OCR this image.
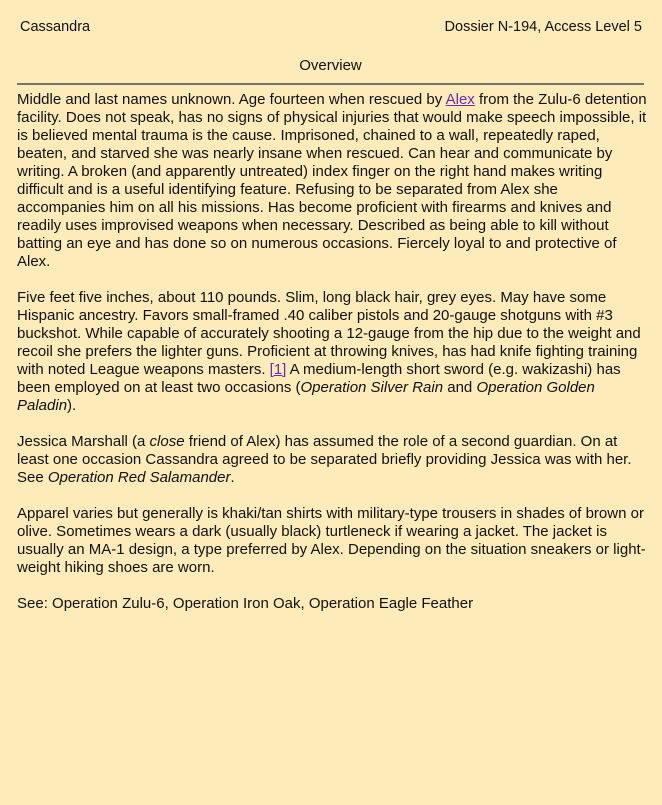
Cassandra	Dossier N-194, Access Level 5
Overview

Middle and last names unknown. Age fourteen when rescued by Alex from the Zulu-6 detention facility. Does not speak, has no signs of physical injuries that would make speech impossible, it is believed mental trauma is the cause. Imprisoned, chained to a wall, repeatedly raped, beaten, and starved she was nearly insane when rescued. Can hear and communicate by writing. A broken (and apparently untreated) index finger on the right hand makes writing difficult and is a useful identifying feature. Refusing to be separated from Alex she accompanies him on all his missions. Has become proficient with firearms and knives and readily uses improvised weapons when necessary. Described as being able to kill without batting an eye and has done so on numerous occasions. Fiercely loyal to and protective of Alex.

Five feet five inches, about 110 pounds. Slim, long black hair, grey eyes. May have some Hispanic ancestry. Favors small-framed .40 caliber pistols and 20-gauge shotguns with #3 buckshot. While capable of accurately shooting a 12-gauge from the hip due to the weight and recoil she prefers the lighter guns. Proficient at throwing knives, has had knife fighting training with noted League weapons masters. [1] A medium-length short sword (e.g. wakizashi) has been employed on at least two occasions (Operation Silver Rain and Operation Golden Paladin).

Jessica Marshall (a close friend of Alex) has assumed the role of a second guardian. On at least one occasion Cassandra agreed to be separated briefly providing Jessica was with her. See Operation Red Salamander.

Apparel varies but generally is khaki/tan shirts with military-type trousers in shades of brown or olive. Sometimes wears a dark (usually black) turtleneck if wearing a jacket. The jacket is usually an MA-1 design, a type preferred by Alex. Depending on the situation sneakers or light-weight hiking shoes are worn.

See: Operation Zulu-6, Operation Iron Oak, Operation Eagle Feather
